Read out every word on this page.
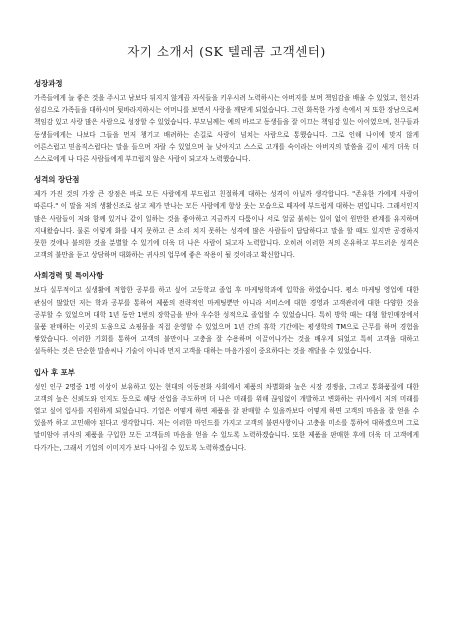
자기 소개서 (SK 텔레콤 고객센터)
성장과정

가족들에게 늘 좋은 것을 주시고 남보다 뒤지지 않게끔 자식들을 키우시려 노력하시는 아버지를 보며 책임감을 배울 수 있었고, 헌신과 섬김으로 가족들을 대하시며 뒷바라지하시는 어머니를 보면서 사랑을 깨닫게 되었습니다. 그런 화목한 가정 속에서 저 또한 장남으로써 책임감 있고 사랑 많은 사람으로 성장할 수 있었습니다. 부모님께는 예의 바르고 동생들을 잘 이끄는 책임감 있는 아이였으며, 친구들과 동생들에게는 나보다 그들을 먼저 챙기고 배려하는 손길로 사랑이 넘치는 사람으로 통했습니다. 그로 인해 나이에 맞지 않게 어른스럽고 믿음직스럽다는 말을 들으며 자랄 수 있었으며 늘 낮아지고 스스로 고개를 숙이라는 아버지의 말씀을 깊이 새겨 더욱 더 스스로에게 나 다른 사람들에게 부끄럽지 않은 사람이 되고자 노력했습니다.

성격의 장단점

제가 가진 것의 가장 큰 장점은 바로 모든 사람에게 부드럽고 친절하게 대하는 성격이 아닐까 생각합니다. "존유한 가에게 사랑이 따른다." 이 말을 저의 생활신조로 삼고 제가 만나는 모든 사람에게 항상 웃는 모습으로 때자에 부드럽게 대하는 편입니다. 그래서인지 많은 사람들이 저와 함께 있거나 같이 일하는 것을 좋아하고 지금까지 다툼이나 서로 얼굴 붉히는 일이 없이 원만한 관계를 유지하며 지내왔습니다. 물론 이렇게 화를 내지 못하고 큰 소리 치지 못하는 성격에 많은 사람들이 답답하다고 말을 할 때도 있지만 공경하지 못한 것에나 불의한 것을 분별할 수 있기에 더욱 더 나은 사람이 되고자 노력합니다. 오히려 이러한 저의 온유하고 부드러운 성격은 고객의 불만을 듣고 상담하며 대화하는 귀사의 업무에 좋은 작용이 될 것이라고 확신합니다.

사회경력 및 특이사항

보다 실무적이고 실생활에 적합한 공부를 하고 싶어 고등학교 졸업 후 마케팅학과에 입학을 하였습니다. 평소 마케팅 영업에 대한 관심이 많았던 저는 학과 공부를 통하여 제품의 전략적인 마케팅뿐만 아니라 서비스에 대한 경영과 고객관리에 대한 다양한 것을 공부할 수 있었으며 대학 1년 동안 1번의 장학금을 받아 우수한 성적으로 졸업할 수 있었습니다. 특히 방학 때는 대형 할인매장에서 물품 판매하는 이곳의 도움으로 쇼핑몰을 직접 운영할 수 있었으며 1년 간의 휴학 기간에는 평생학의 TM으로 근무를 하며 경험을 쌓았습니다. 이러한 기회를 통하여 고객의 불만이나 고충을 잘 수용하며 이끌어나가는 것을 배우게 되었고 특히 고객을 대하고 설득하는 것은 단순한 말솜씨나 기술이 아니라 먼저 고객을 대하는 마음가짐이 중요하다는 것을 깨달을 수 있었습니다.

입사 후 포부

성인 인구 2명중 1명 이상이 보유하고 있는 현대의 이동전화 사회에서 제품의 차별화와 높은 시장 경쟁을, 그리고 통화품질에 대한 고객의 높은 신뢰도와 인지도 등으로 해당 산업을 주도하며 더 나은 미래를 위해 끊임없이 개발하고 변화하는 귀사에서 저의 미래를 열고 싶어 입사를 지원하게 되었습니다. 기업은 어떻게 하면 제품을 잘 판매할 수 있을까보다 어떻게 하면 고객의 마음을 잘 얻을 수 있을까 하고 고민해야 된다고 생각합니다. 저는 이러한 마인드를 가지고 고객의 불편사항이나 고충을 미소를 통하여 대하겠으며 그로 말미암아 귀사의 제품을 구입한 모든 고객들의 마음을 얻을 수 있도록 노력하겠습니다. 또한 제품을 판매한 후에 더욱 더 고객에게 다가가는, 그래서 기업의 이미지가 보다 나아질 수 있도록 노력하겠습니다.
